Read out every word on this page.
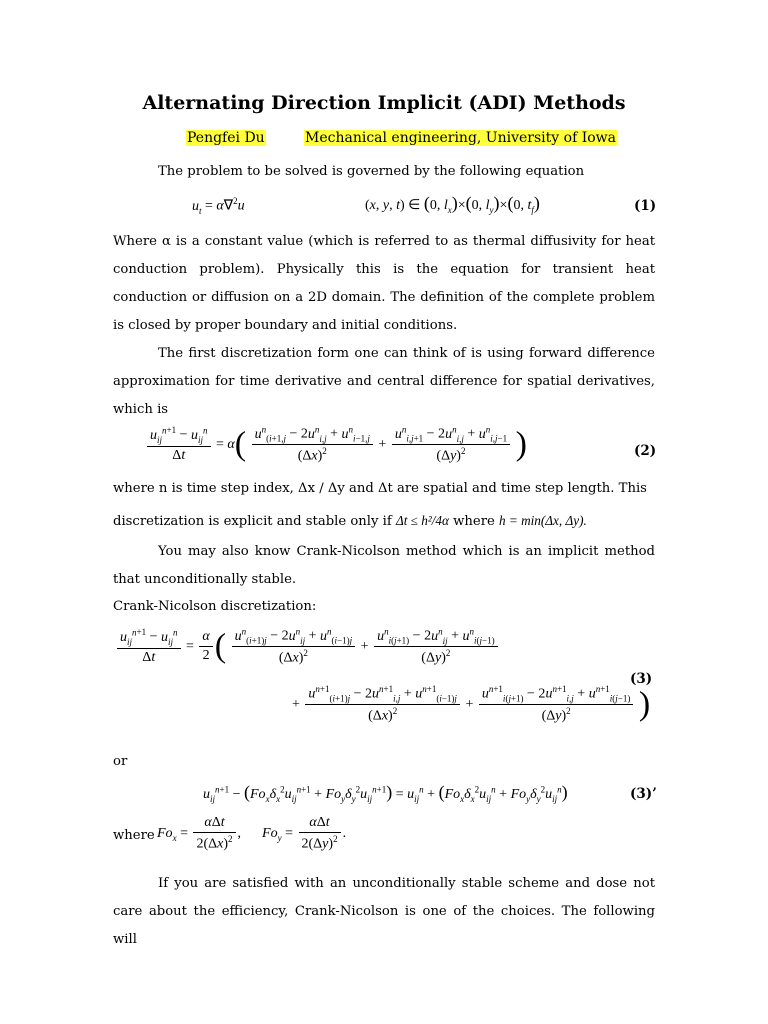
Alternating Direction Implicit (ADI) Methods
Pengfei Du	Mechanical engineering, University of Iowa
The problem to be solved is governed by the following equation
$u_t = \alpha\nabla^2u$	(x, y, t) ∈ (0, $l_x)\times(0$, $l_y)\times(0$, $t_f$)	(1)
Where α is a constant value (which is referred to as thermal diffusivity for heat conduction problem). Physically this is the equation for transient heat conduction or diffusion on a 2D domain. The definition of the complete problem is closed by proper boundary and initial conditions.
The first discretization form one can think of is using forward difference approximation for time derivative and central difference for spatial derivatives, which is
$\frac{u_{ij}^{n+1} - u_{ij}^n}{\Delta t} = \alpha( \frac{u^n_{(i+1,j} - 2u^n_{i,j} + u^n_{i-1,j}}{(\Delta x)^2} + \frac{u^n_{i,j+1} - 2u^n_{i,j} + u^n_{i,j-1}}{(\Delta y)^2}$ )	(2)
where n is time step index, Δx / Δy and Δt are spatial and time step length. This
discretization is explicit and stable only if Δt ≤ h²/4α where h = min(Δx, Δy).
You may also know Crank-Nicolson method which is an implicit method that unconditionally stable.
Crank-Nicolson discretization:
$\frac{u_{ij}^{n+1} - u_{ij}^n}{\Delta t} = \frac{\alpha}{2}$ ( $\frac{u^n_{(i+1)j} - 2u^n_{ij} + u^n_{(i-1)j}}{(\Delta x)^2} + \frac{u^n_{i(j+1)} - 2u^n_{ij} + u^n_{i(j-1)}}{(\Delta y)^2}$
(3)
+ $\frac{u^{n+1}_{(i+1)j} - 2u^{n+1}_{i,j} + u^{n+1}_{(i-1)j}}{(\Delta x)^2} + \frac{u^{n+1}_{i(j+1)} - 2u^{n+1}_{i,j} + u^{n+1}_{i(j-1)}}{(\Delta y)^2}$ )
or
$u_{ij}^{n+1} - (Fo_x\delta_x^2u_{ij}^{n+1} + Fo_y\delta_y^2u_{ij}^{n+1}) = u_{ij}^n + (Fo_x\delta_x^2u_{ij}^n + Fo_y\delta_y^2u_{ij}^n)$	(3)’
where $Fo_x = \frac{\text{αΔt}}{2(\Delta x)^2}$ ,      $Fo_y = \frac{\text{αΔt}}{2(\Delta y)^2}$ .
If you are satisfied with an unconditionally stable scheme and dose not care about the efficiency, Crank-Nicolson is one of the choices. The following will
